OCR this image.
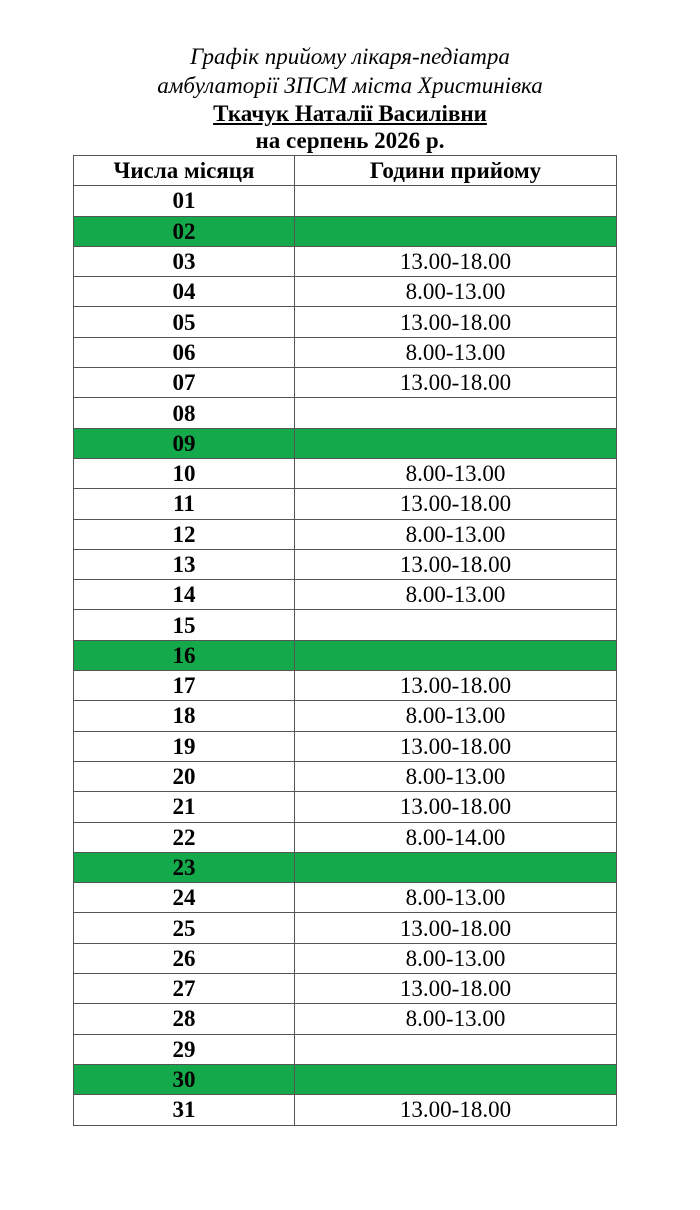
Графік прийому лікаря-педіатра
амбулаторії ЗПСМ міста Христинівка
Ткачук Наталії Василівни
на серпень 2026 р.
Числа місяця	Години прийому
01	
02	
03	13.00-18.00
04	8.00-13.00
05	13.00-18.00
06	8.00-13.00
07	13.00-18.00
08	
09	
10	8.00-13.00
11	13.00-18.00
12	8.00-13.00
13	13.00-18.00
14	8.00-13.00
15	
16	
17	13.00-18.00
18	8.00-13.00
19	13.00-18.00
20	8.00-13.00
21	13.00-18.00
22	8.00-14.00
23	
24	8.00-13.00
25	13.00-18.00
26	8.00-13.00
27	13.00-18.00
28	8.00-13.00
29	
30	
31	13.00-18.00
